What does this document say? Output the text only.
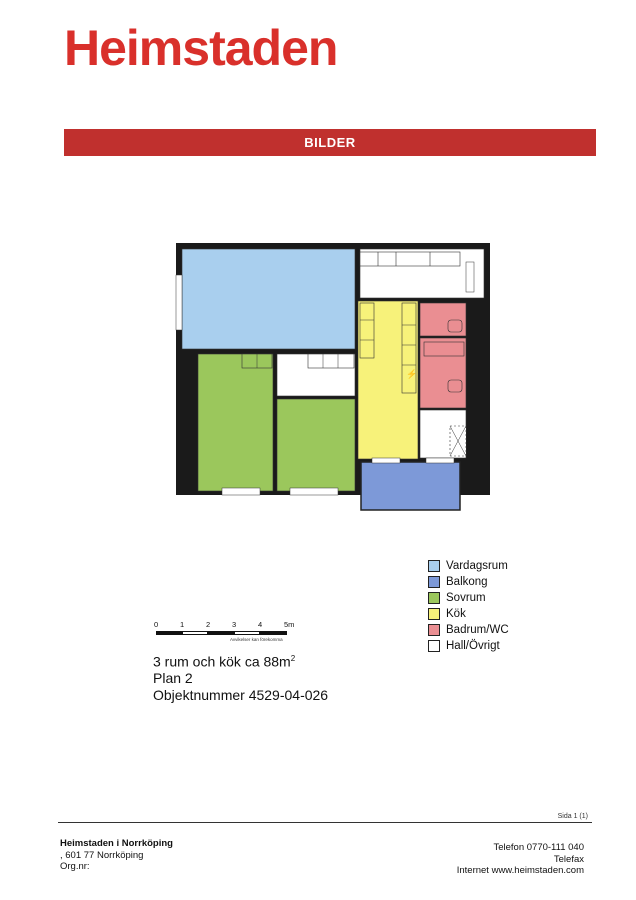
Heimstaden
BILDER
⚡
Vardagsrum
Balkong
Sovrum
Kök
Badrum/WC
Hall/Övrigt
0	1	2	3	4	5m
Avvikelser kan förekomma
3 rum och kök ca $88m^2$
Plan 2
Objektnummer 4529-04-026
Sida 1 (1)
Heimstaden i Norrköping
, 601 77 Norrköping
Org.nr:
Telefon 0770-111 040
Telefax
Internet www.heimstaden.com
